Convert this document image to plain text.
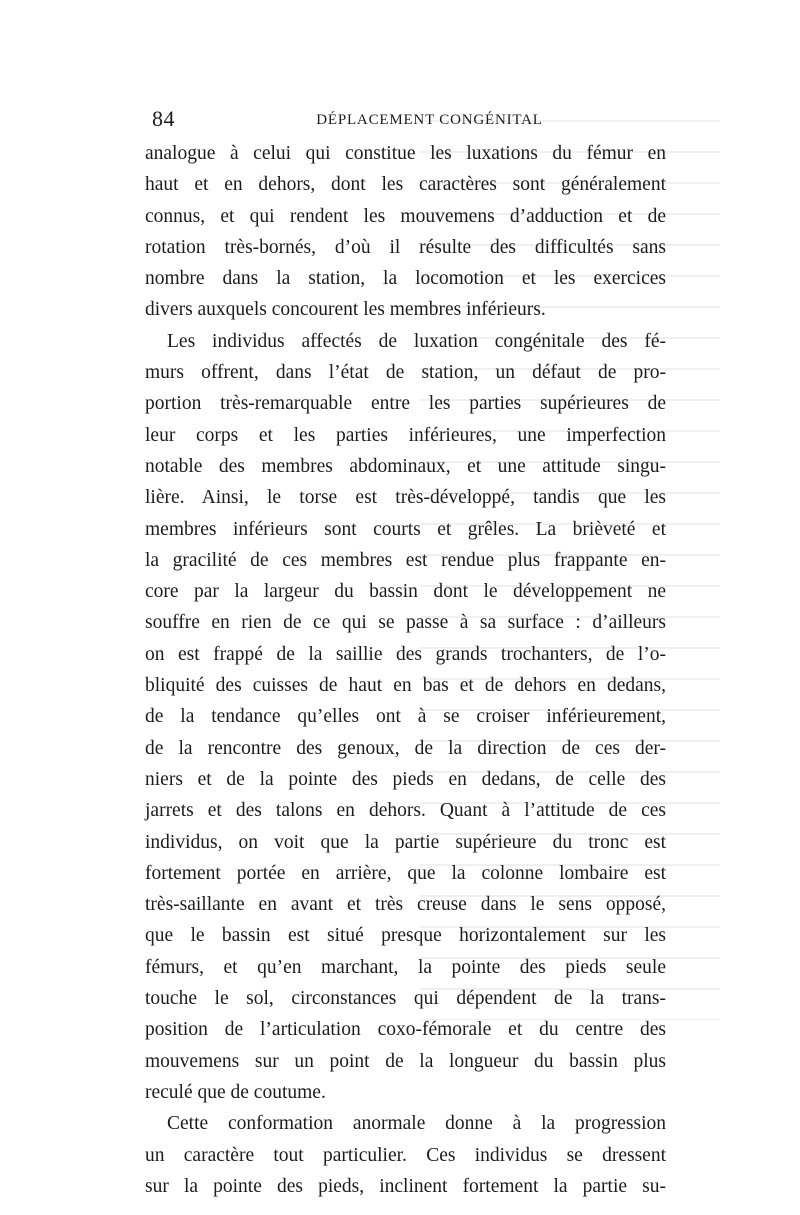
84	DÉPLACEMENT CONGÉNITAL
analogue à celui qui constitue les luxations du fémur en
haut et en dehors, dont les caractères sont généralement
connus, et qui rendent les mouvemens d’adduction et de
rotation très-bornés, d’où il résulte des difficultés sans
nombre dans la station, la locomotion et les exercices
divers auxquels concourent les membres inférieurs.
Les individus affectés de luxation congénitale des fé-
murs offrent, dans l’état de station, un défaut de pro-
portion très-remarquable entre les parties supérieures de
leur corps et les parties inférieures, une imperfection
notable des membres abdominaux, et une attitude singu-
lière. Ainsi, le torse est très-développé, tandis que les
membres inférieurs sont courts et grêles. La brièveté et
la gracilité de ces membres est rendue plus frappante en-
core par la largeur du bassin dont le développement ne
souffre en rien de ce qui se passe à sa surface : d’ailleurs
on est frappé de la saillie des grands trochanters, de l’o-
bliquité des cuisses de haut en bas et de dehors en dedans,
de la tendance qu’elles ont à se croiser inférieurement,
de la rencontre des genoux, de la direction de ces der-
niers et de la pointe des pieds en dedans, de celle des
jarrets et des talons en dehors. Quant à l’attitude de ces
individus, on voit que la partie supérieure du tronc est
fortement portée en arrière, que la colonne lombaire est
très-saillante en avant et très creuse dans le sens opposé,
que le bassin est situé presque horizontalement sur les
fémurs, et qu’en marchant, la pointe des pieds seule
touche le sol, circonstances qui dépendent de la trans-
position de l’articulation coxo-fémorale et du centre des
mouvemens sur un point de la longueur du bassin plus
reculé que de coutume.
Cette conformation anormale donne à la progression
un caractère tout particulier. Ces individus se dressent
sur la pointe des pieds, inclinent fortement la partie su-
